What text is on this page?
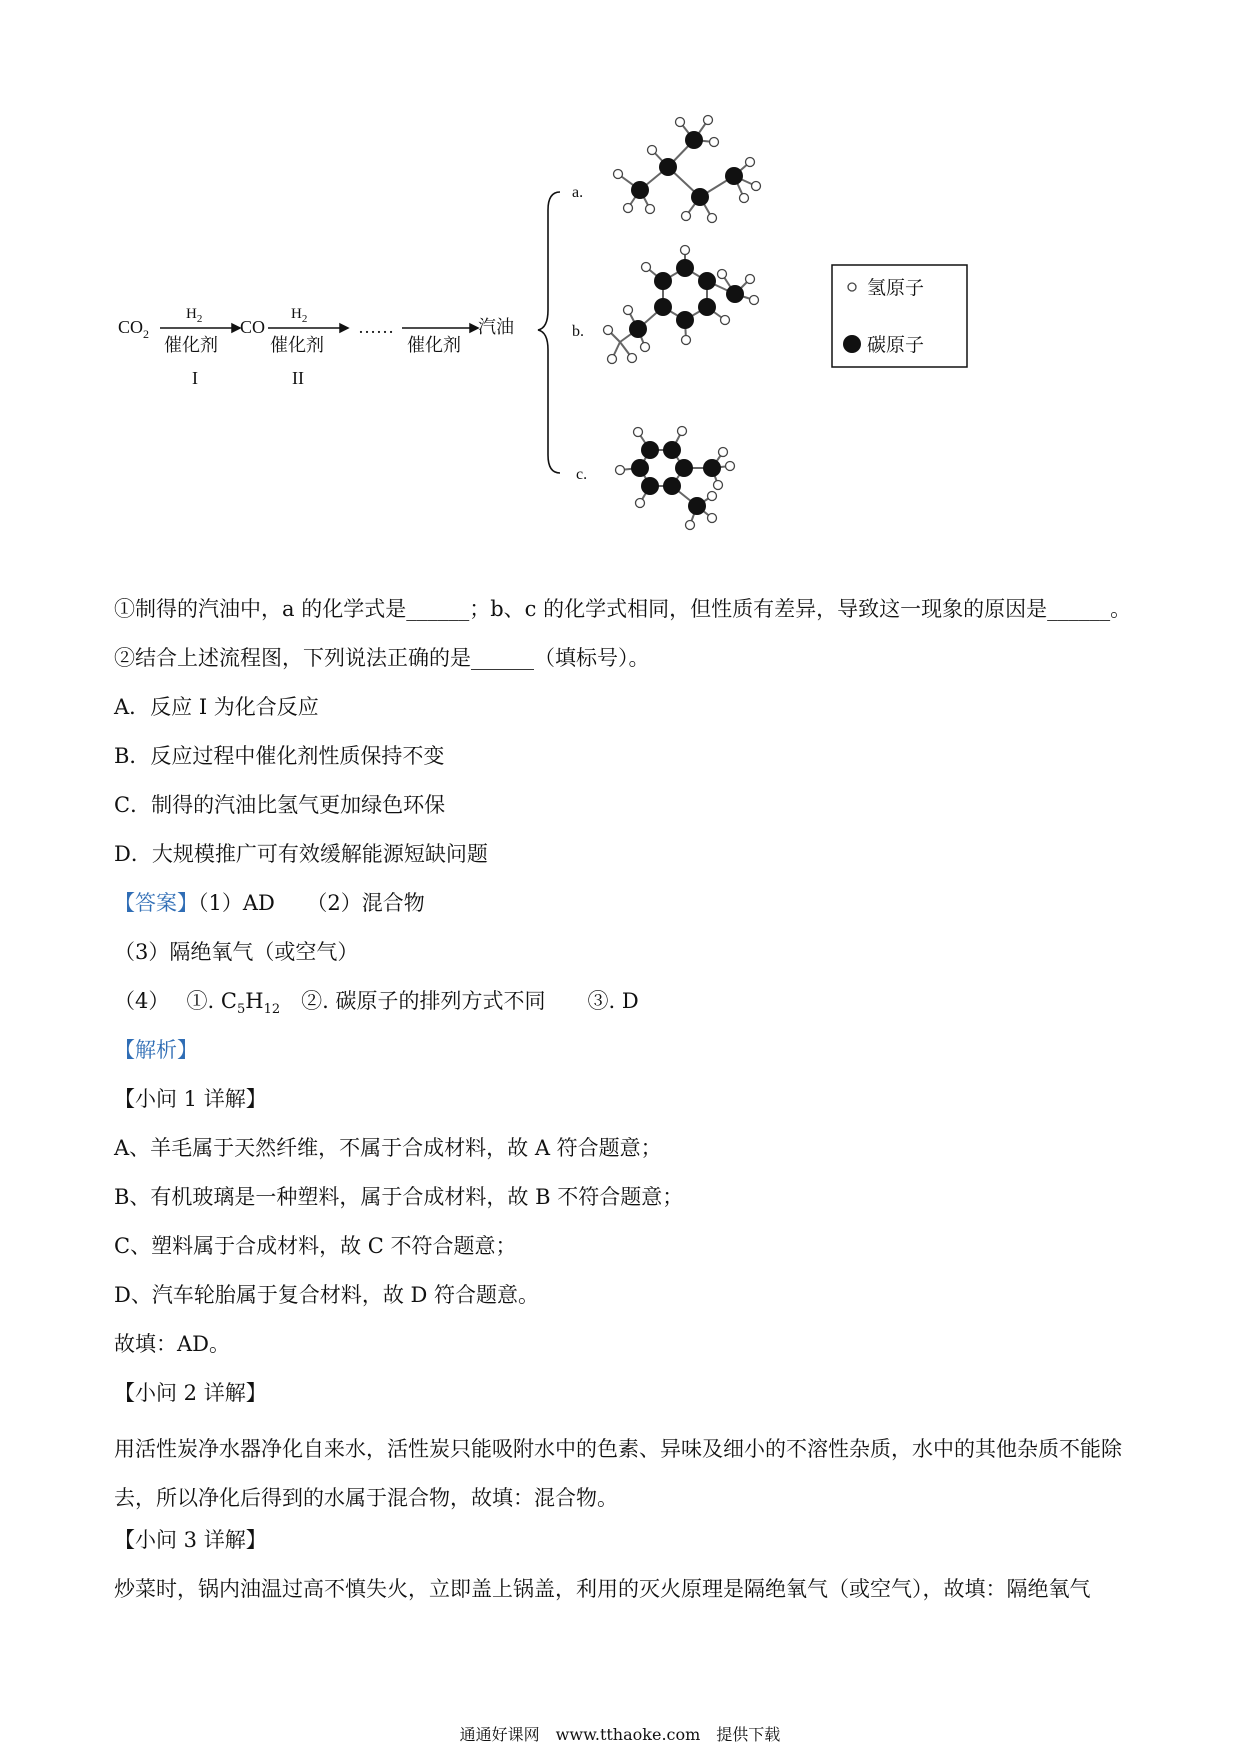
$CO_2$
$H_2$
催化剂
I
CO
$H_2$
催化剂
II
……
催化剂
汽油
a.
b.
c.
氢原子
碳原子
①制得的汽油中，a 的化学式是______；b、c 的化学式相同，但性质有差异，导致这一现象的原因是______。
②结合上述流程图，下列说法正确的是______（填标号）。
A．反应 I 为化合反应
B．反应过程中催化剂性质保持不变
C．制得的汽油比氢气更加绿色环保
D．大规模推广可有效缓解能源短缺问题
【答案】（1）AD　　（2）混合物
（3）隔绝氧气（或空气）
（4）　 ①. $C_5H_{12}$　②. 碳原子的排列方式不同　　③. D
【解析】
【小问 1 详解】
A、羊毛属于天然纤维，不属于合成材料，故 A 符合题意；
B、有机玻璃是一种塑料，属于合成材料，故 B 不符合题意；
C、塑料属于合成材料，故 C 不符合题意；
D、汽车轮胎属于复合材料，故 D 符合题意。
故填：AD。
【小问 2 详解】
用活性炭净水器净化自来水，活性炭只能吸附水中的色素、异味及细小的不溶性杂质，水中的其他杂质不能除去，所以净化后得到的水属于混合物，故填：混合物。
【小问 3 详解】
炒菜时，锅内油温过高不慎失火，立即盖上锅盖，利用的灭火原理是隔绝氧气（或空气），故填：隔绝氧气
通通好课网　www.tthaoke.com　提供下载
